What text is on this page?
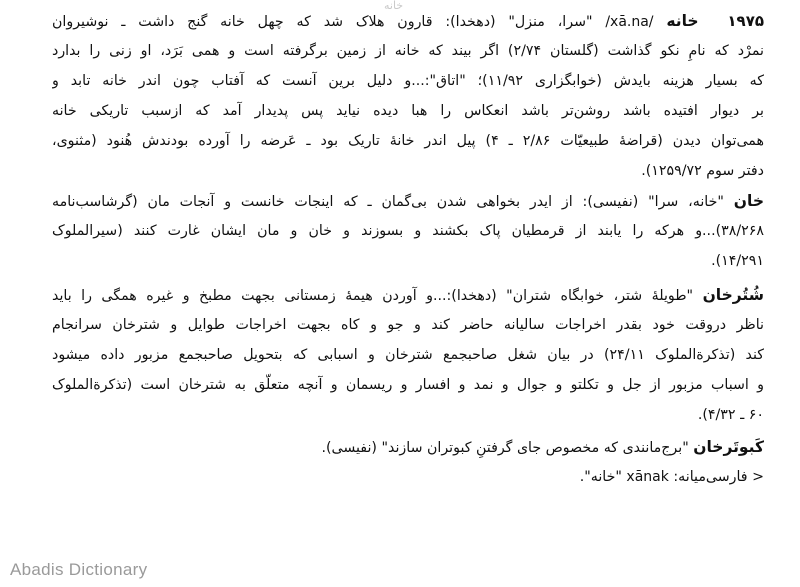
خانه
۱۹۷۵ خانه /xā.na/ "سرا، منزل" (دهخدا): قارون هلاک شد که چهل خانه گنج داشت ـ نوشیروان
نمرْد که نامِ نکو گذاشت (گلستان ۲/۷۴) اگر بیند که خانه از زمین برگرفته است و همی بَرَد، او زنی را بدارد
که بسیار هزینه بایدش (خوابگزاری ۱۱/۹۲)؛ "اتاق":...و دلیل برین آنست که آفتاب چون اندر خانه تابد و
بر دیوار افتیده باشد روشن‌تر باشد انعکاس را هبا دیده نیاید پس پدیدار آمد که ازسبب تاریکی خانه
همی‌توان دیدن (قراضهٔ طبیعیّات ۲/۸۶ ـ ۴) پیل اندر خانهٔ تاریک بود ـ عَرضه را آورده بودندش هُنود (مثنوی،
دفتر سوم ۱۲۵۹/۷۲).
خان "خانه، سرا" (نفیسی): از ایدر بخواهی شدن بی‌گمان ـ که اینجات خانست و آنجات مان (گرشاسب‌نامه
۳۸/۲۶۸)...و هرکه را یابند از قرمطیان پاک بکشند و بسوزند و خان و مان ایشان غارت کنند (سیرالملوک
۱۴/۲۹۱).
شُتُرخان "طویلهٔ شتر، خوابگاه شتران" (دهخدا):...و آوردن هیمهٔ زمستانی بجهت مطبخ و غیره همگی را باید
ناظر دروقت خود بقدر اخراجات سالیانه حاضر کند و جو و کاه بجهت اخراجات طوایل و شترخان سرانجام
کند (تذکرةالملوک ۲۴/۱۱) در بیان شغل صاحبجمع شترخان و اسبابی که بتحویل صاحبجمع مزبور داده میشود
و اسباب مزبور از جل و تکلتو و جوال و نمد و افسار و ریسمان و آنچه متعلّق به شترخان است (تذکرةالملوک
۶۰ ـ ۴/۳۲).
کَبوتَرخان "برج‌مانندی که مخصوص جای گرفتنِ کبوتران سازند" (نفیسی).
< فارسی‌میانه: xānak "خانه".
Abadis Dictionary
